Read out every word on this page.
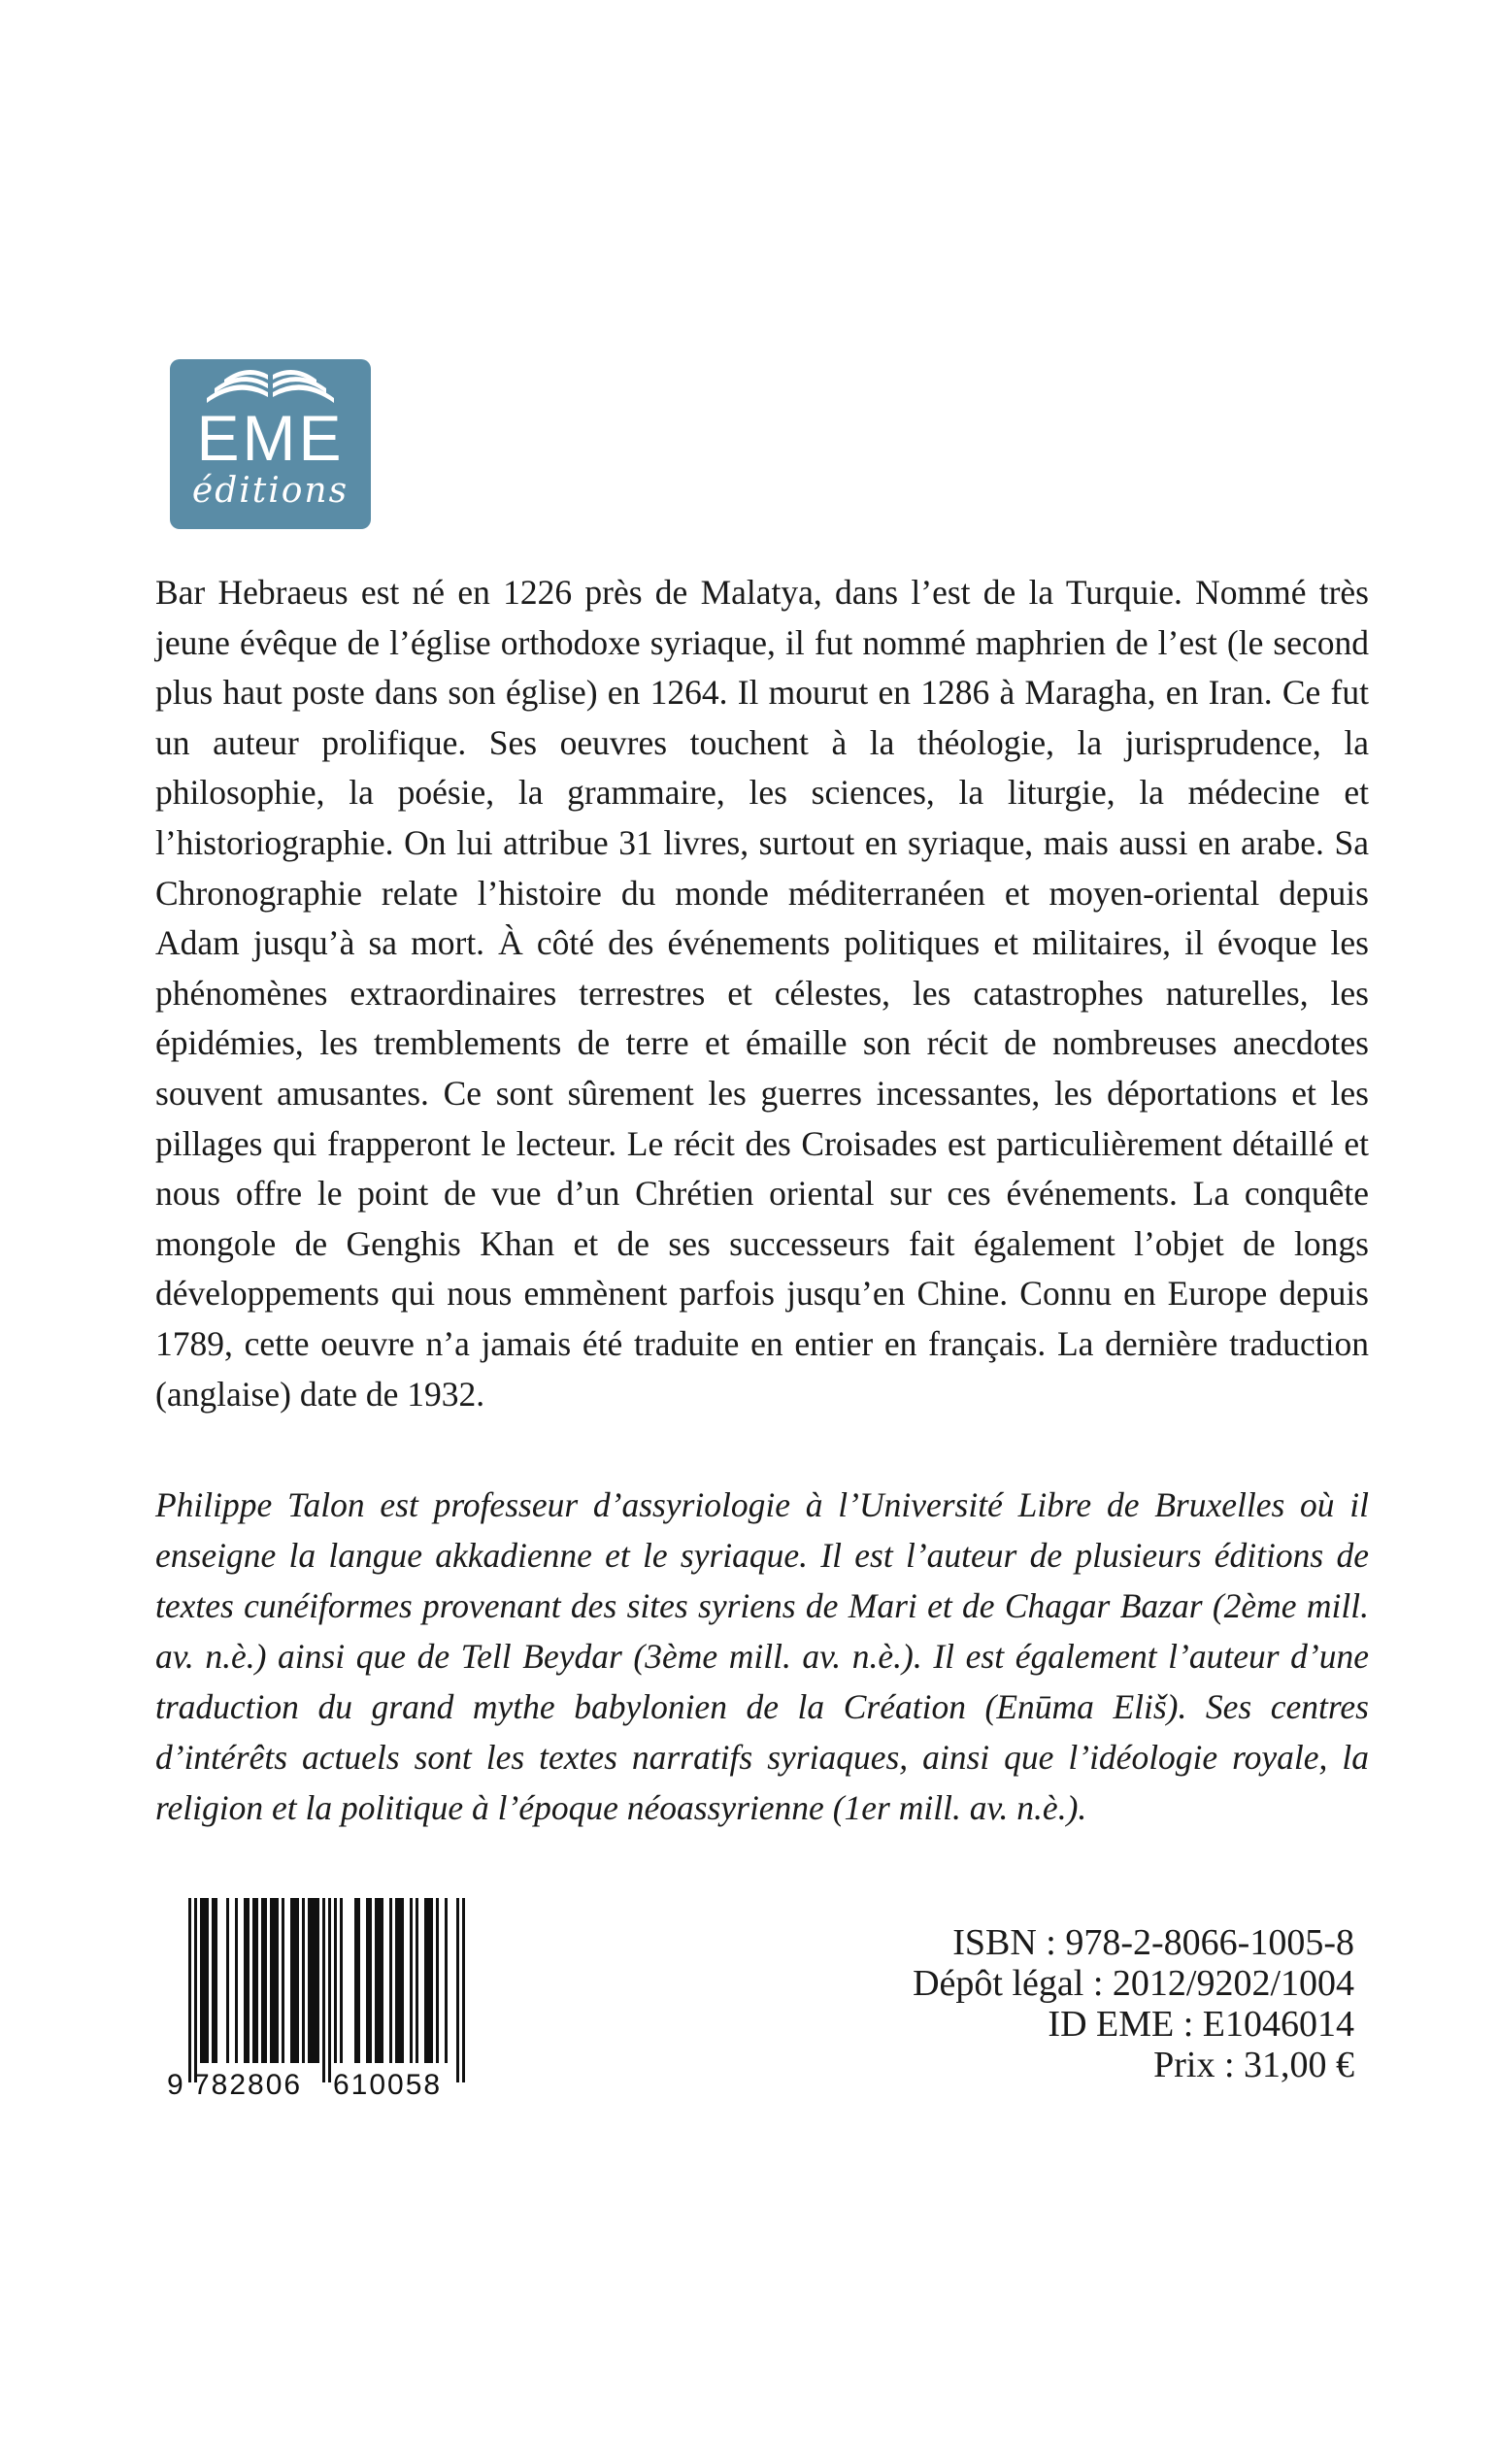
EME
éditions

Bar Hebraeus est né en 1226 près de Malatya, dans l’est de la Turquie. Nommé très jeune évêque de l’église orthodoxe syriaque, il fut nommé maphrien de l’est (le second plus haut poste dans son église) en 1264. Il mourut en 1286 à Maragha, en Iran. Ce fut un auteur prolifique. Ses oeuvres touchent à la théologie, la jurisprudence, la philosophie, la poésie, la grammaire, les sciences, la liturgie, la médecine et l’historiographie. On lui attribue 31 livres, surtout en syriaque, mais aussi en arabe. Sa Chronographie relate l’histoire du monde méditerranéen et moyen-oriental depuis Adam jusqu’à sa mort. À côté des événements politiques et militaires, il évoque les phénomènes extraordinaires terrestres et célestes, les catastrophes naturelles, les épidémies, les tremblements de terre et émaille son récit de nombreuses anecdotes souvent amusantes. Ce sont sûrement les guerres incessantes, les déportations et les pillages qui frapperont le lecteur. Le récit des Croisades est particulièrement détaillé et nous offre le point de vue d’un Chrétien oriental sur ces événements. La conquête mongole de Genghis Khan et de ses successeurs fait également l’objet de longs développements qui nous emmènent parfois jusqu’en Chine. Connu en Europe depuis 1789, cette oeuvre n’a jamais été traduite en entier en français. La dernière traduction (anglaise) date de 1932.

Philippe Talon est professeur d’assyriologie à l’Université Libre de Bruxelles où il enseigne la langue akkadienne et le syriaque. Il est l’auteur de plusieurs éditions de textes cunéiformes provenant des sites syriens de Mari et de Chagar Bazar (2ème mill. av. n.è.) ainsi que de Tell Beydar (3ème mill. av. n.è.). Il est également l’auteur d’une traduction du grand mythe babylonien de la Création (Enūma Eliš). Ses centres d’intérêts actuels sont les textes narratifs syriaques, ainsi que l’idéologie royale, la religion et la politique à l’époque néoassyrienne (1er mill. av. n.è.).

9 782806 610058
ISBN : 978-2-8066-1005-8
Dépôt légal : 2012/9202/1004
ID EME : E1046014
Prix : 31,00 €
